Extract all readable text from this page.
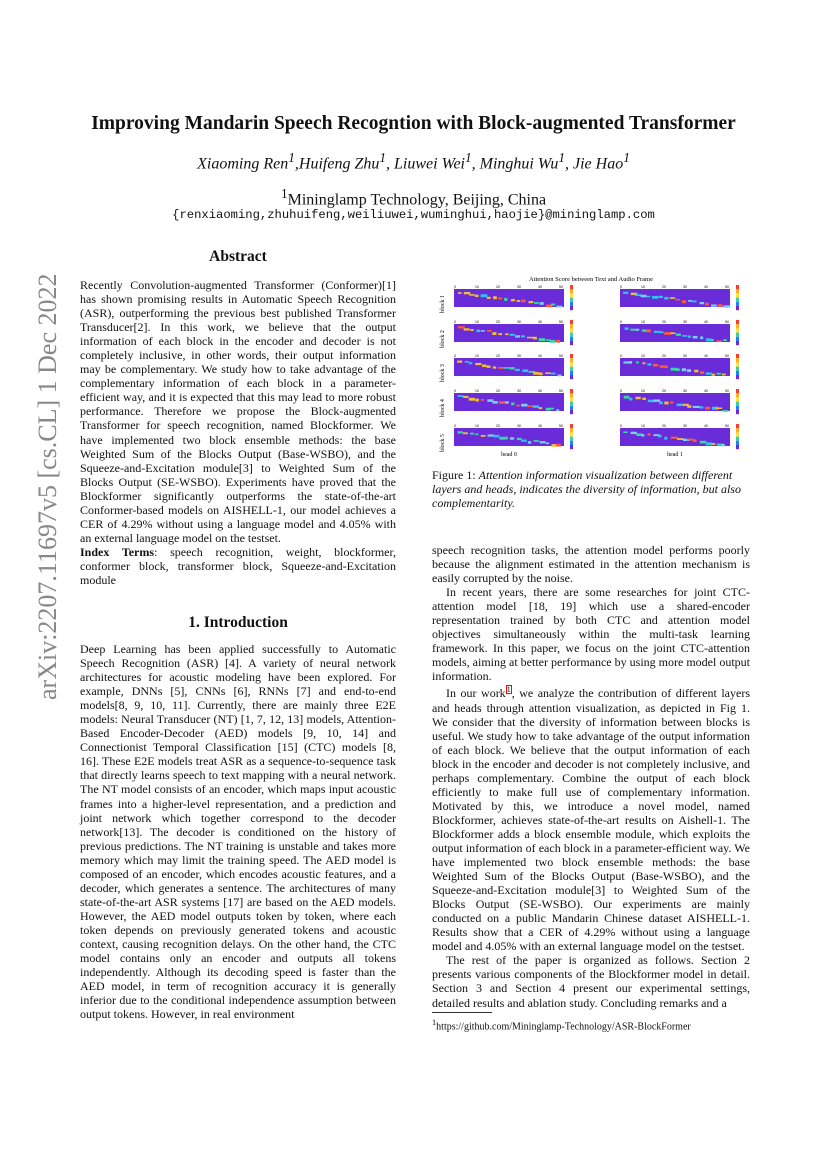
Improving Mandarin Speech Recogntion with Block-augmented Transformer
Xiaoming Ren$^1$,Huifeng Zhu$^1$, Liuwei Wei$^1$, Minghui Wu$^1$, Jie Hao$^1$
$^1$Mininglamp Technology, Beijing, China
{renxiaoming,zhuhuifeng,weiliuwei,wuminghui,haojie}@mininglamp.com
arXiv:2207.11697v5 [cs.CL] 1 Dec 2022
Abstract

Recently Convolution-augmented Transformer (Conformer)[1] has shown promising results in Automatic Speech Recognition (ASR), outperforming the previous best published Transformer Transducer[2]. In this work, we believe that the output information of each block in the encoder and decoder is not completely inclusive, in other words, their output information may be complementary. We study how to take advantage of the complementary information of each block in a parameter-efficient way, and it is expected that this may lead to more robust performance. Therefore we propose the Block-augmented Transformer for speech recognition, named Blockformer. We have implemented two block ensemble methods: the base Weighted Sum of the Blocks Output (Base-WSBO), and the Squeeze-and-Excitation module[3] to Weighted Sum of the Blocks Output (SE-WSBO). Experiments have proved that the Blockformer significantly outperforms the state-of-the-art Conformer-based models on AISHELL-1, our model achieves a CER of 4.29% without using a language model and 4.05% with an external language model on the testset.

Index Terms: speech recognition, weight, blockformer, conformer block, transformer block, Squeeze-and-Excitation module

1. Introduction

Deep Learning has been applied successfully to Automatic Speech Recognition (ASR) [4]. A variety of neural network architectures for acoustic modeling have been explored. For example, DNNs [5], CNNs [6], RNNs [7] and end-to-end models[8, 9, 10, 11]. Currently, there are mainly three E2E models: Neural Transducer (NT) [1, 7, 12, 13] models, Attention-Based Encoder-Decoder (AED) models [9, 10, 14] and Connectionist Temporal Classification [15] (CTC) models [8, 16]. These E2E models treat ASR as a sequence-to-sequence task that directly learns speech to text mapping with a neural network. The NT model consists of an encoder, which maps input acoustic frames into a higher-level representation, and a prediction and joint network which together correspond to the decoder network[13]. The decoder is conditioned on the history of previous predictions. The NT training is unstable and takes more memory which may limit the training speed. The AED model is composed of an encoder, which encodes acoustic features, and a decoder, which generates a sentence. The architectures of many state-of-the-art ASR systems [17] are based on the AED models. However, the AED model outputs token by token, where each token depends on previously generated tokens and acoustic context, causing recognition delays. On the other hand, the CTC model contains only an encoder and outputs all tokens independently. Although its decoding speed is faster than the AED model, in term of recognition accuracy it is generally inferior due to the conditional independence assumption between output tokens. However, in real environment

Attention Score between Text and Audio Frame
block 1
0	10	20	30	40	50	0	10	20	30	40	50
block 2
0	10	20	30	40	50	0	10	20	30	40	50
block 3
0	10	20	30	40	50	0	10	20	30	40	50
block 4
0	10	20	30	40	50	0	10	20	30	40	50
block 5
0	10	20	30	40	50	0	10	20	30	40	50
head 0	head 1
Figure 1: Attention information visualization between different layers and heads, indicates the diversity of information, but also complementarity.

speech recognition tasks, the attention model performs poorly because the alignment estimated in the attention mechanism is easily corrupted by the noise.

In recent years, there are some researches for joint CTC-attention model [18, 19] which use a shared-encoder representation trained by both CTC and attention model objectives simultaneously within the multi-task learning framework. In this paper, we focus on the joint CTC-attention models, aiming at better performance by using more model output information.

In our work$^1$, we analyze the contribution of different layers and heads through attention visualization, as depicted in Fig 1. We consider that the diversity of information between blocks is useful. We study how to take advantage of the output information of each block. We believe that the output information of each block in the encoder and decoder is not completely inclusive, and perhaps complementary. Combine the output of each block efficiently to make full use of complementary information. Motivated by this, we introduce a novel model, named Blockformer, achieves state-of-the-art results on Aishell-1. The Blockformer adds a block ensemble module, which exploits the output information of each block in a parameter-efficient way. We have implemented two block ensemble methods: the base Weighted Sum of the Blocks Output (Base-WSBO), and the Squeeze-and-Excitation module[3] to Weighted Sum of the Blocks Output (SE-WSBO). Our experiments are mainly conducted on a public Mandarin Chinese dataset AISHELL-1. Results show that a CER of 4.29% without using a language model and 4.05% with an external language model on the testset.

The rest of the paper is organized as follows. Section 2 presents various components of the Blockformer model in detail. Section 3 and Section 4 present our experimental settings, detailed results and ablation study. Concluding remarks and a

$^1$https://github.com/Mininglamp-Technology/ASR-BlockFormer
